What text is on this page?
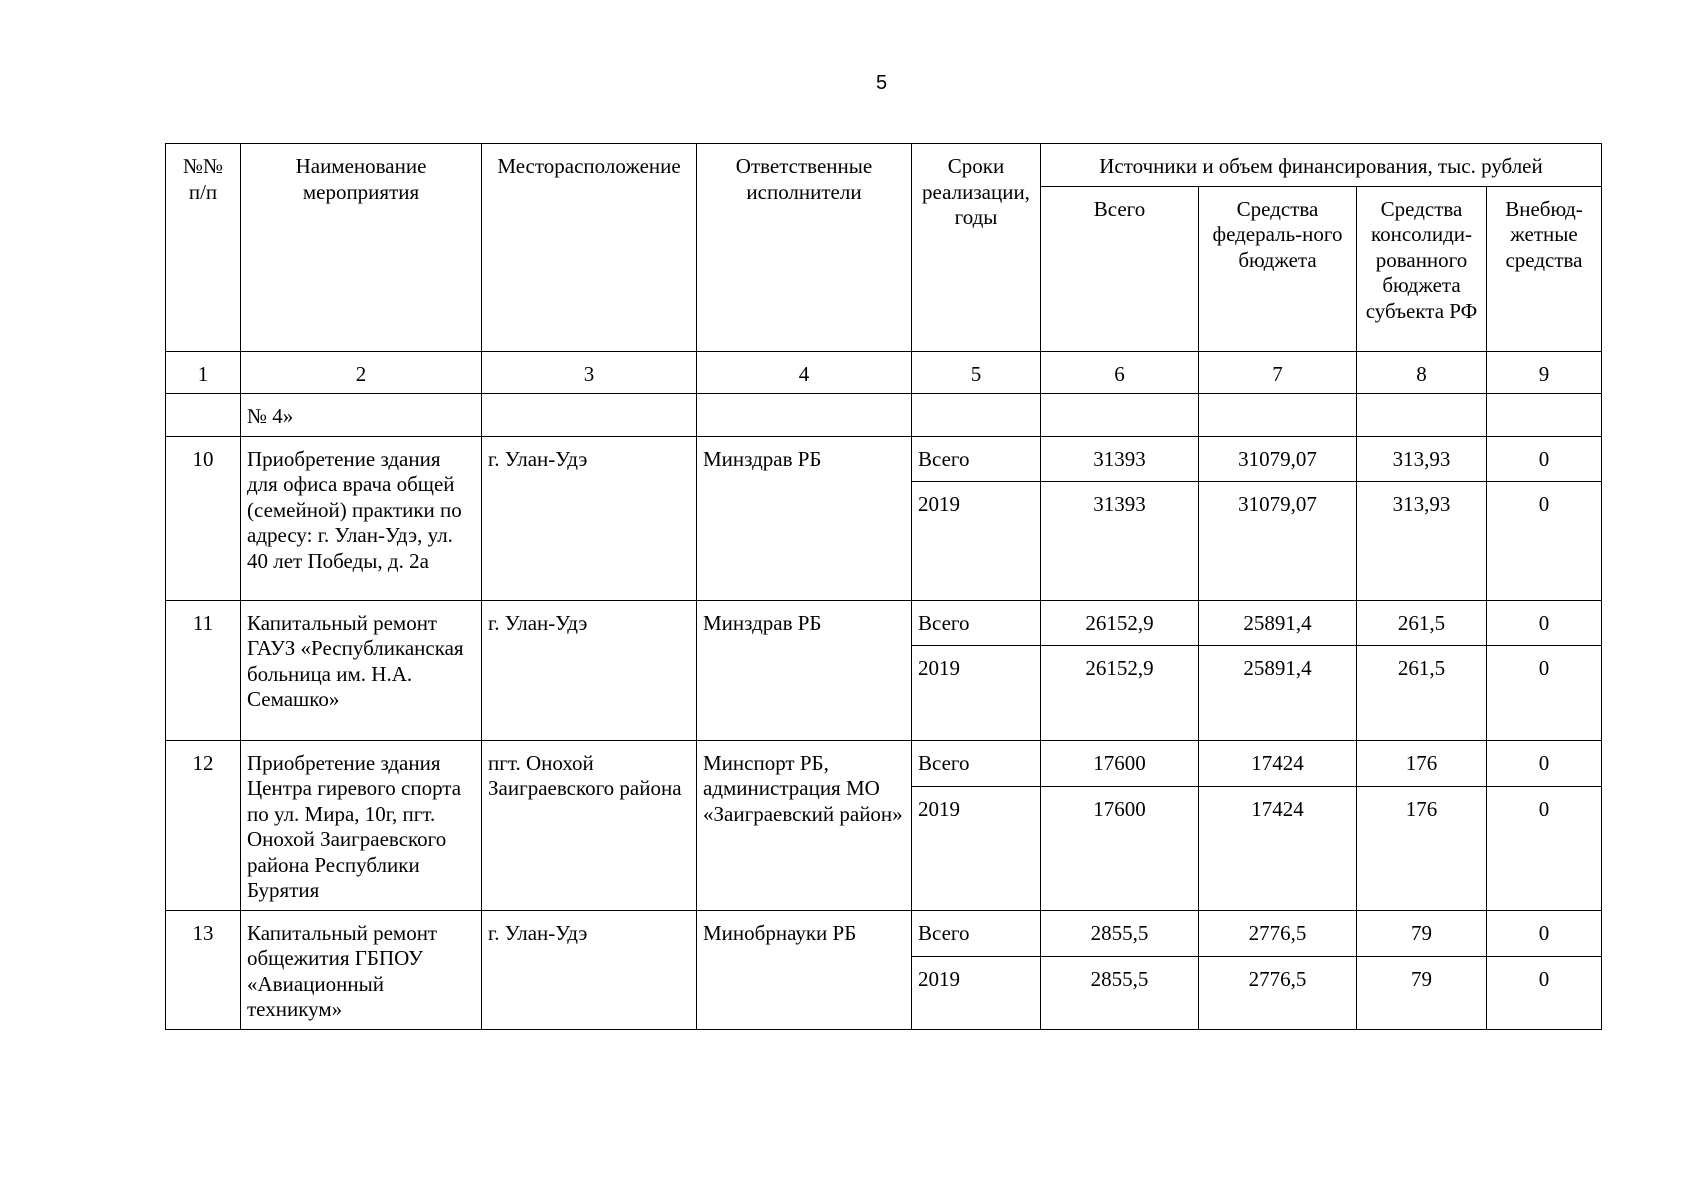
5
№№ п/п	Наименование мероприятия	Месторасположение	Ответственные исполнители	Сроки реализации, годы	Источники и объем финансирования, тыс. рублей			
					Всего	Средства федераль-ного бюджета	Средства консолиди-рованного бюджета субъекта РФ	Внебюд-жетные средства
1	2	3	4	5	6	7	8	9
	№ 4»							
10	Приобретение здания для офиса врача общей (семейной) практики по адресу: г. Улан-Удэ, ул. 40 лет Победы, д. 2а	г. Улан-Удэ	Минздрав РБ	Всего	31393	31079,07	313,93	0
				2019	31393	31079,07	313,93	0
11	Капитальный ремонт ГАУЗ «Республиканская больница им. Н.А. Семашко»	г. Улан-Удэ	Минздрав РБ	Всего	26152,9	25891,4	261,5	0
				2019	26152,9	25891,4	261,5	0
12	Приобретение здания Центра гиревого спорта по ул. Мира, 10г, пгт. Онохой Заиграевского района Республики Бурятия	пгт. Онохой Заиграевского района	Минспорт РБ, администрация МО «Заиграевский район»	Всего	17600	17424	176	0
				2019	17600	17424	176	0
13	Капитальный ремонт общежития ГБПОУ «Авиационный техникум»	г. Улан-Удэ	Минобрнауки РБ	Всего	2855,5	2776,5	79	0
				2019	2855,5	2776,5	79	0
